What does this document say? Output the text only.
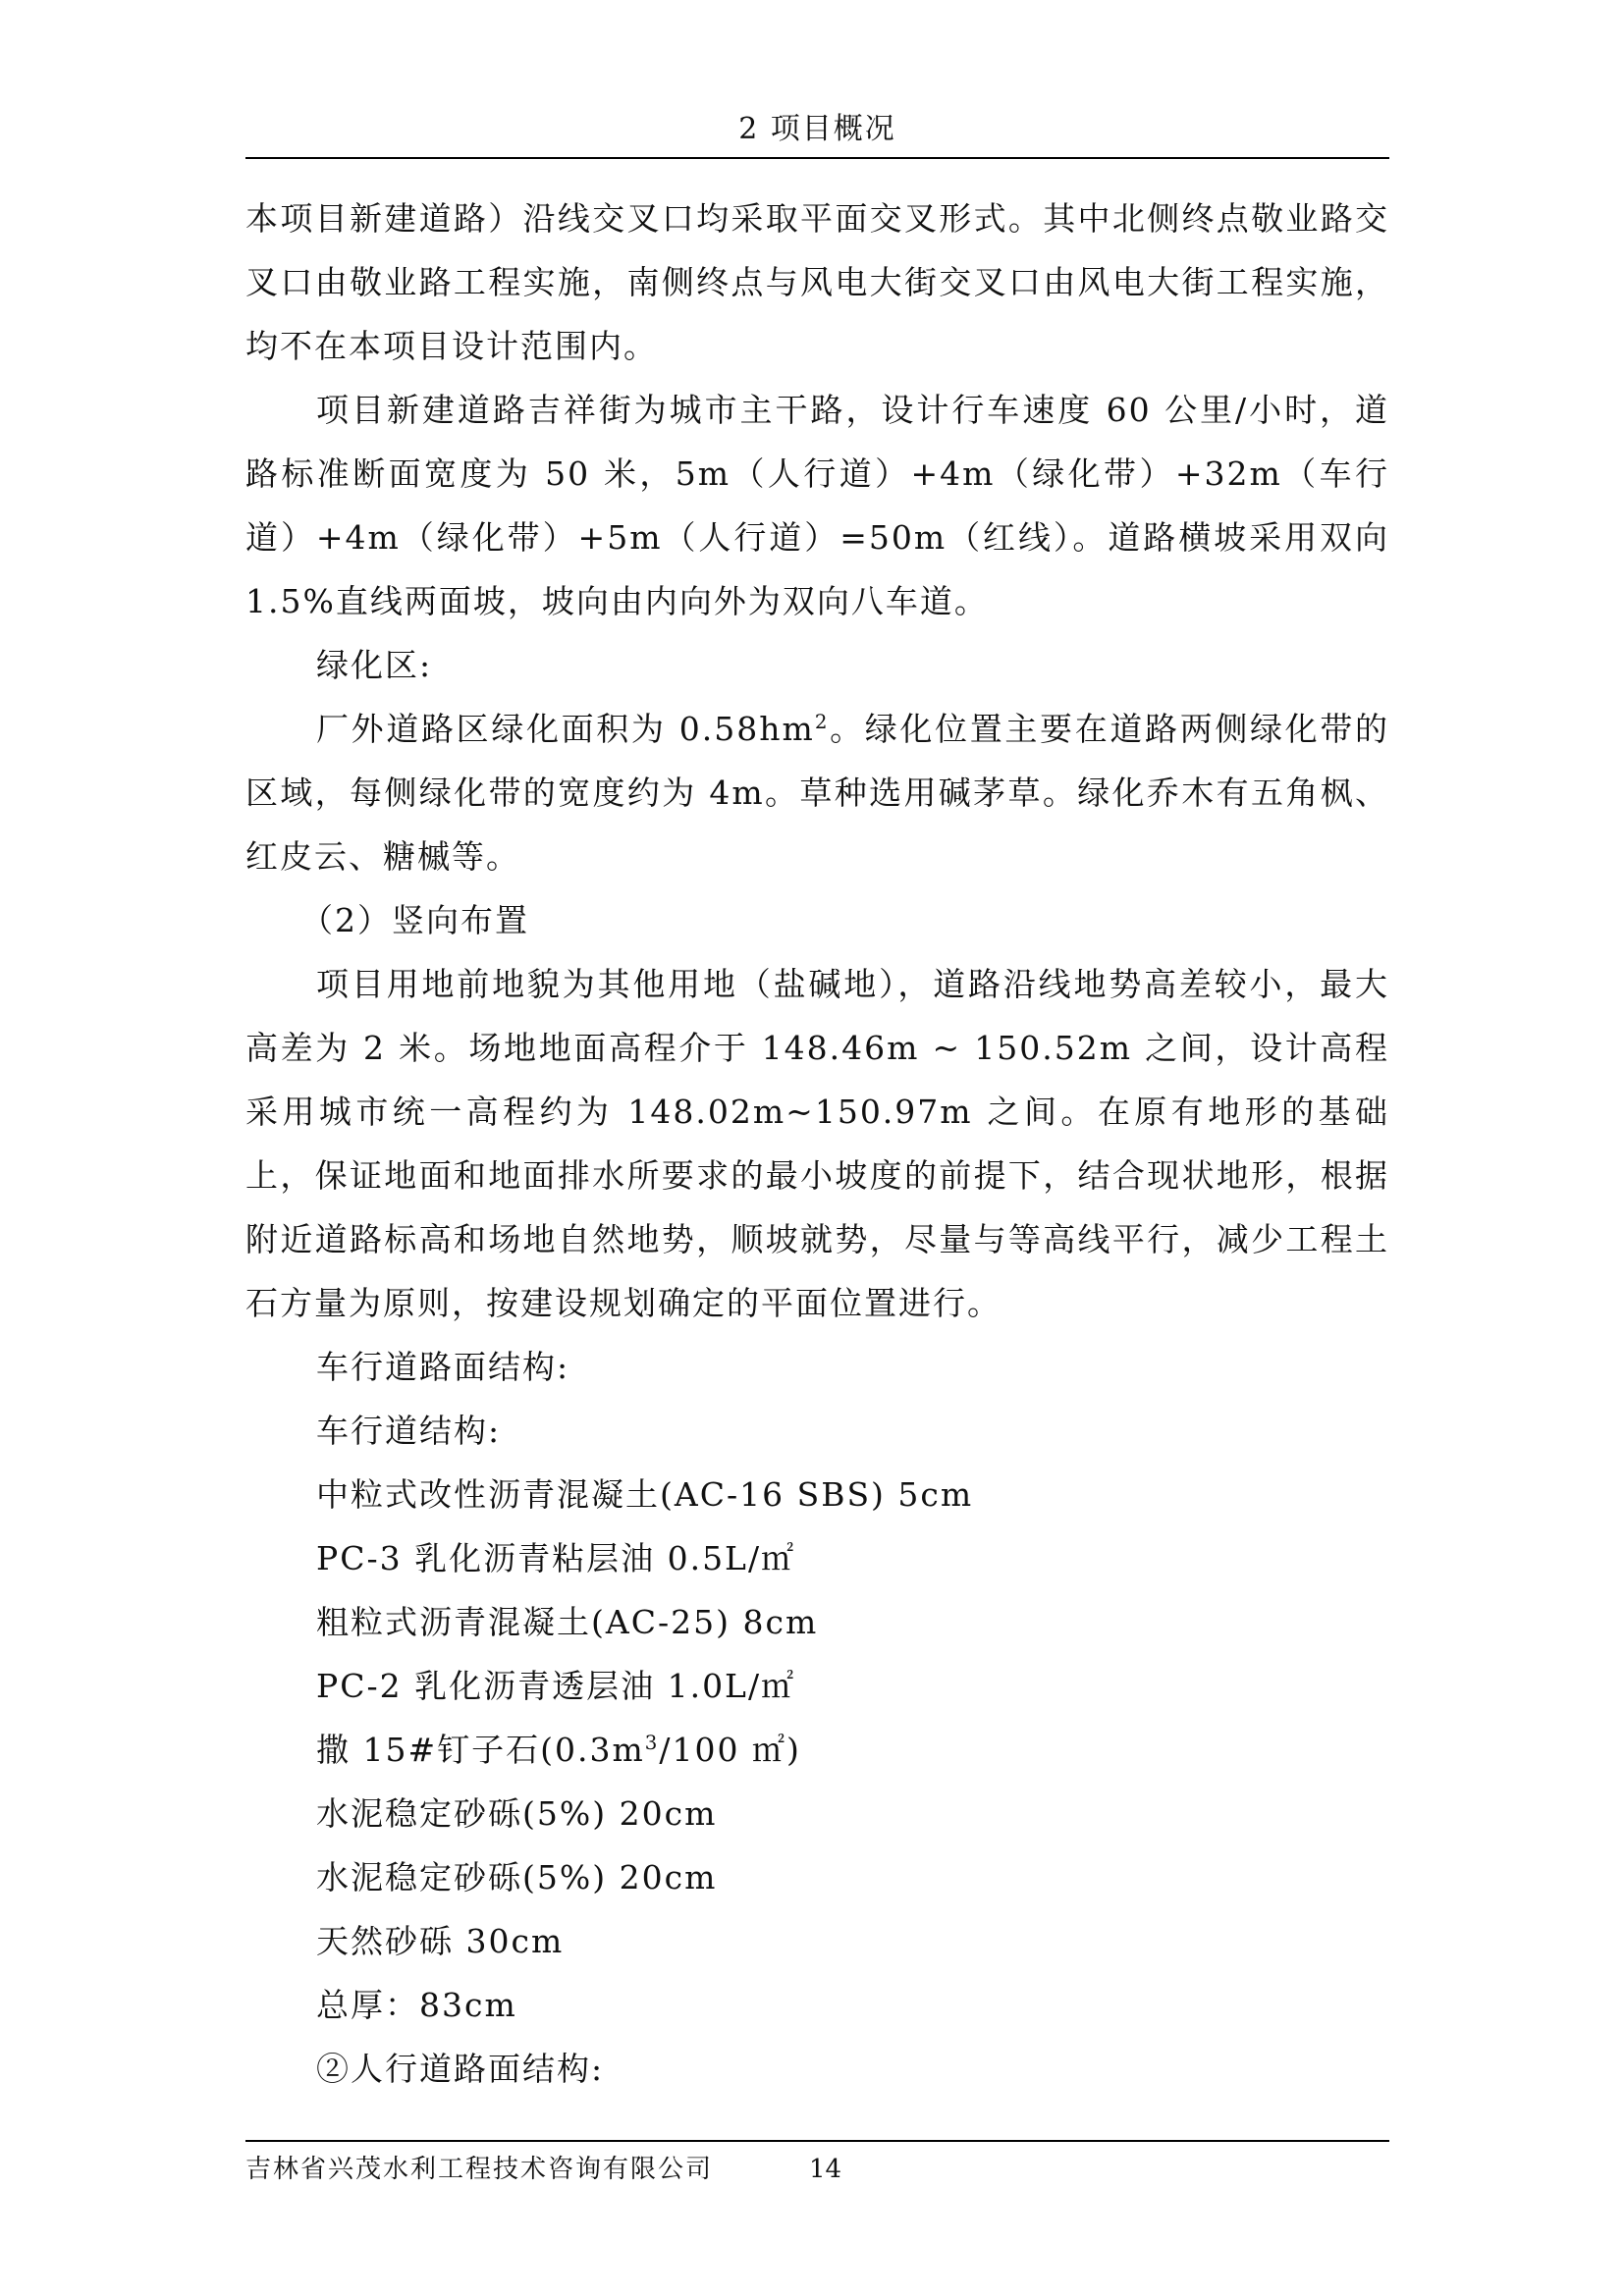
2 项目概况

本项目新建道路）沿线交叉口均采取平面交叉形式。其中北侧终点敬业路交叉口由敬业路工程实施，南侧终点与风电大街交叉口由风电大街工程实施，均不在本项目设计范围内。

项目新建道路吉祥街为城市主干路，设计行车速度 60 公里/小时，道路标准断面宽度为 50 米，5m（人行道）+4m（绿化带）+32m（车行道）+4m（绿化带）+5m（人行道）=50m（红线）。道路横坡采用双向 1.5%直线两面坡，坡向由内向外为双向八车道。

绿化区:

厂外道路区绿化面积为 $0.58hm^2$。绿化位置主要在道路两侧绿化带的区域，每侧绿化带的宽度约为 4m。草种选用碱茅草。绿化乔木有五角枫、红皮云、糖槭等。

（2）竖向布置

项目用地前地貌为其他用地（盐碱地），道路沿线地势高差较小，最大高差为 2 米。场地地面高程介于 148.46m ~ 150.52m 之间，设计高程采用城市统一高程约为 148.02m~150.97m 之间。在原有地形的基础上，保证地面和地面排水所要求的最小坡度的前提下，结合现状地形，根据附近道路标高和场地自然地势，顺坡就势，尽量与等高线平行，减少工程土石方量为原则，按建设规划确定的平面位置进行。

车行道路面结构:

车行道结构:

中粒式改性沥青混凝土(AC-16 SBS) 5cm

PC-3 乳化沥青粘层油 0.5L/㎡

粗粒式沥青混凝土(AC-25) 8cm

PC-2 乳化沥青透层油 1.0L/㎡

撒 15#钉子石($0.3m^3/100$ ㎡)

水泥稳定砂砾(5%) 20cm

水泥稳定砂砾(5%) 20cm

天然砂砾 30cm

总厚：83cm

②人行道路面结构:

吉林省兴茂水利工程技术咨询有限公司	14
